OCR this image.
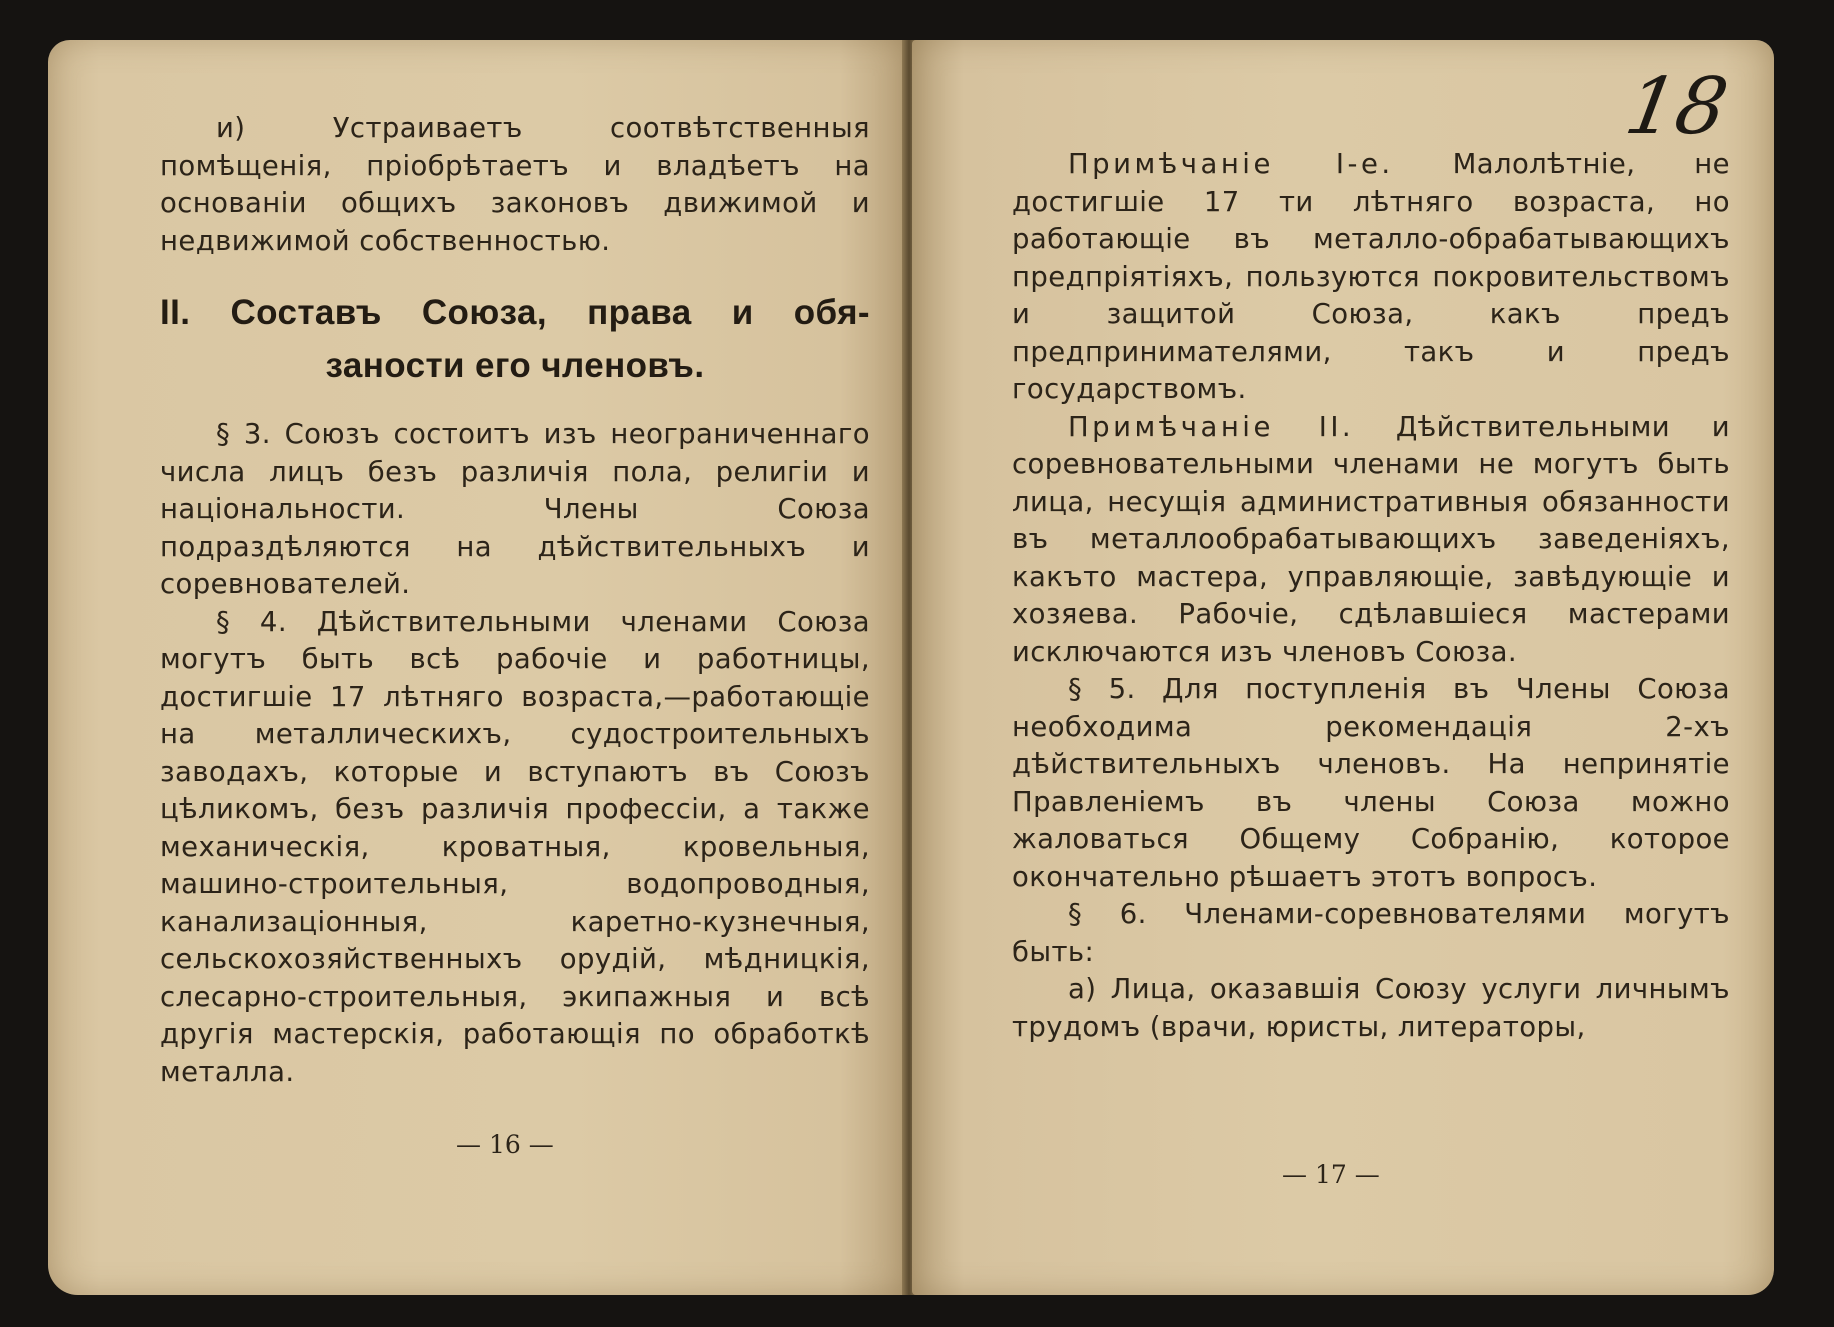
и) Устраиваетъ соотвѣтственныя помѣщенія, пріобрѣтаетъ и владѣетъ на основаніи общихъ законовъ движимой и недвижимой собственностью.

II. Составъ Союза, права и обя-
заности его членовъ.

§ 3. Союзъ состоитъ изъ неограниченнаго числа лицъ безъ различія пола, религіи и національности. Члены Союза подраздѣляются на дѣйствительныхъ и соревнователей.

§ 4. Дѣйствительными членами Союза могутъ быть всѣ рабочіе и работницы, достигшіе 17 лѣтняго возраста,—работающіе на металлическихъ, судостроительныхъ заводахъ, которые и вступаютъ въ Союзъ цѣликомъ, безъ различія профессіи, а также механическія, кроватныя, кровельныя, машино-строительныя, водопроводныя, канализаціонныя, каретно-кузнечныя, сельскохозяйственныхъ орудій, мѣдницкія, слесарно-строительныя, экипажныя и всѣ другія мастерскія, работающія по обработкѣ металла.

— 16 —
18

Примѣчаніе I-е. Малолѣтніе, не достигшіе 17 ти лѣтняго возраста, но работающіе въ металло-обрабатывающихъ предпріятіяхъ, пользуются покровительствомъ и защитой Союза, какъ предъ предпринимателями, такъ и предъ государствомъ.

Примѣчаніе II. Дѣйствительными и соревновательными членами не могутъ быть лица, несущія административныя обязанности въ металлообрабатывающихъ заведеніяхъ, какъто мастера, управляющіе, завѣдующіе и хозяева. Рабочіе, сдѣлавшіеся мастерами исключаются изъ членовъ Союза.

§ 5. Для поступленія въ Члены Союза необходима рекомендація 2-хъ дѣйствительныхъ членовъ. На непринятіе Правленіемъ въ члены Союза можно жаловаться Общему Собранію, которое окончательно рѣшаетъ этотъ вопросъ.

§ 6. Членами-соревнователями могутъ быть:

а) Лица, оказавшія Союзу услуги личнымъ трудомъ (врачи, юристы, литераторы,

— 17 —
